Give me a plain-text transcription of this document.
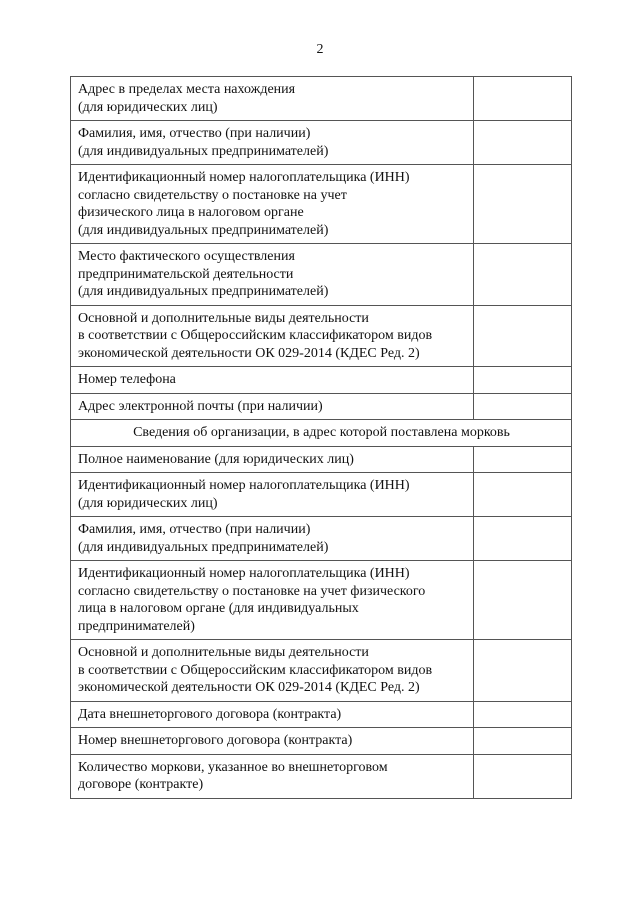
2
Адрес в пределах места нахождения
(для юридических лиц)	

Фамилия, имя, отчество (при наличии)
(для индивидуальных предпринимателей)	

Идентификационный номер налогоплательщика (ИНН)
согласно свидетельству о постановке на учет
физического лица в налоговом органе
(для индивидуальных предпринимателей)	

Место фактического осуществления
предпринимательской деятельности
(для индивидуальных предпринимателей)	

Основной и дополнительные виды деятельности
в соответствии с Общероссийским классификатором видов
экономической деятельности ОК 029-2014 (КДЕС Ред. 2)	

Номер телефона	

Адрес электронной почты (при наличии)	

Сведения об организации, в адрес которой поставлена морковь	

Полное наименование (для юридических лиц)	

Идентификационный номер налогоплательщика (ИНН)
(для юридических лиц)	

Фамилия, имя, отчество (при наличии)
(для индивидуальных предпринимателей)	

Идентификационный номер налогоплательщика (ИНН)
согласно свидетельству о постановке на учет физического
лица в налоговом органе (для индивидуальных
предпринимателей)	

Основной и дополнительные виды деятельности
в соответствии с Общероссийским классификатором видов
экономической деятельности ОК 029-2014 (КДЕС Ред. 2)	

Дата внешнеторгового договора (контракта)	

Номер внешнеторгового договора (контракта)	

Количество моркови, указанное во внешнеторговом
договоре (контракте)	
